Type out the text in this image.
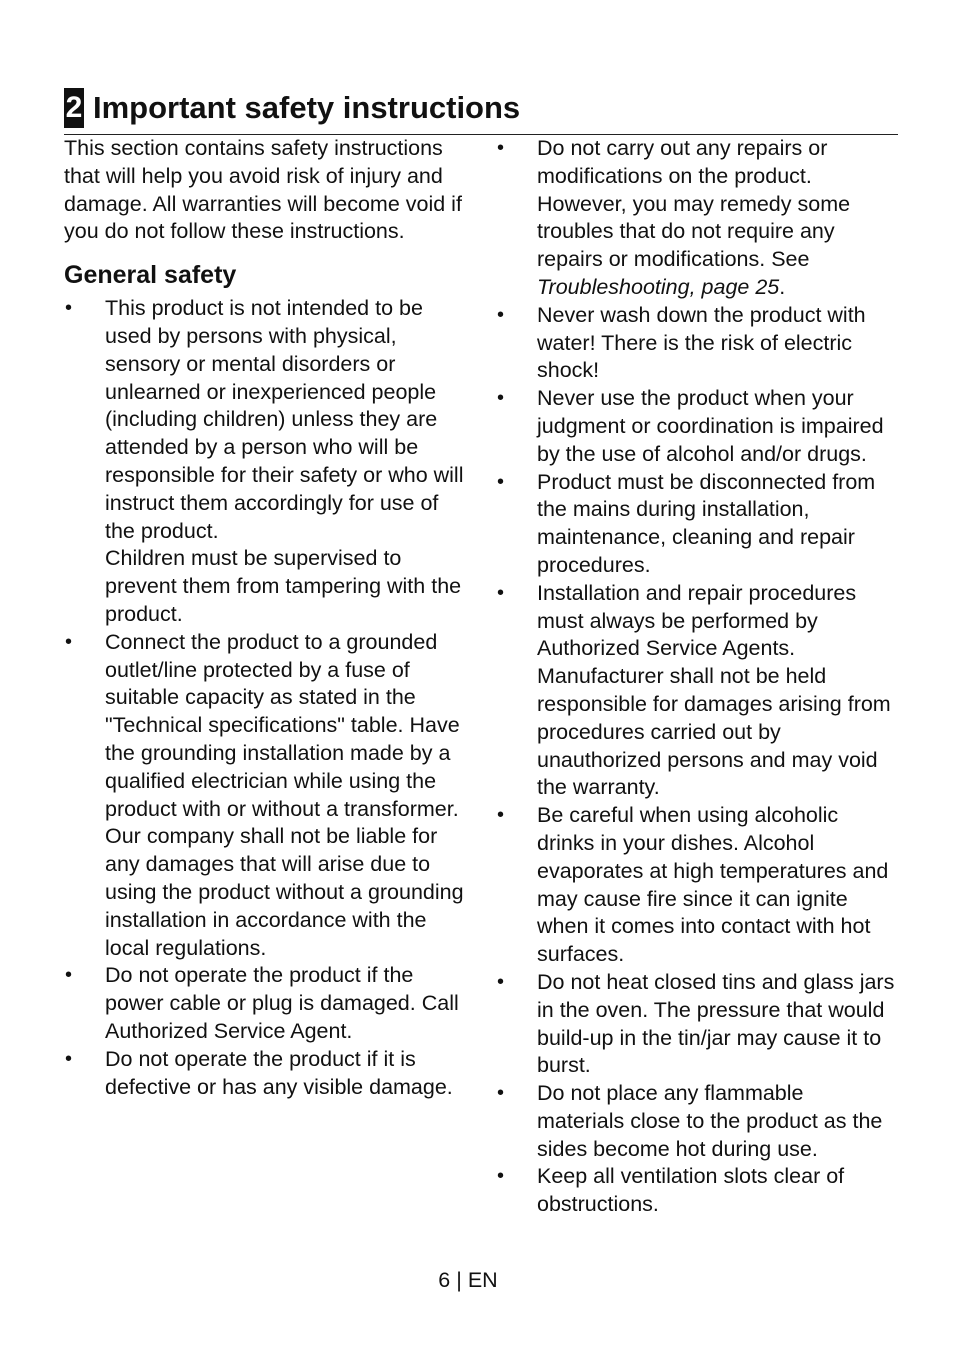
2 Important safety instructions

This section contains safety instructions that will help you avoid risk of injury and damage. All warranties will become void if you do not follow these instructions.

General safety
• This product is not intended to be used by persons with physical, sensory or mental disorders or unlearned or inexperienced people (including children) unless they are attended by a person who will be responsible for their safety or who will instruct them accordingly for use of the product.
Children must be supervised to prevent them from tampering with the product.
• Connect the product to a grounded outlet/line protected by a fuse of suitable capacity as stated in the "Technical specifications" table. Have the grounding installation made by a qualified electrician while using the product with or without a transformer. Our company shall not be liable for any damages that will arise due to using the product without a grounding installation in accordance with the local regulations.
• Do not operate the product if the power cable or plug is damaged. Call Authorized Service Agent.
• Do not operate the product if it is defective or has any visible damage.
• Do not carry out any repairs or modifications on the product. However, you may remedy some troubles that do not require any repairs or modifications. See Troubleshooting, page 25.
• Never wash down the product with water! There is the risk of electric shock!
• Never use the product when your judgment or coordination is impaired by the use of alcohol and/or drugs.
• Product must be disconnected from the mains during installation, maintenance, cleaning and repair procedures.
• Installation and repair procedures must always be performed by Authorized Service Agents. Manufacturer shall not be held responsible for damages arising from procedures carried out by unauthorized persons and may void the warranty.
• Be careful when using alcoholic drinks in your dishes. Alcohol evaporates at high temperatures and may cause fire since it can ignite when it comes into contact with hot surfaces.
• Do not heat closed tins and glass jars in the oven. The pressure that would build-up in the tin/jar may cause it to burst.
• Do not place any flammable materials close to the product as the sides become hot during use.
• Keep all ventilation slots clear of obstructions.
6 | EN
